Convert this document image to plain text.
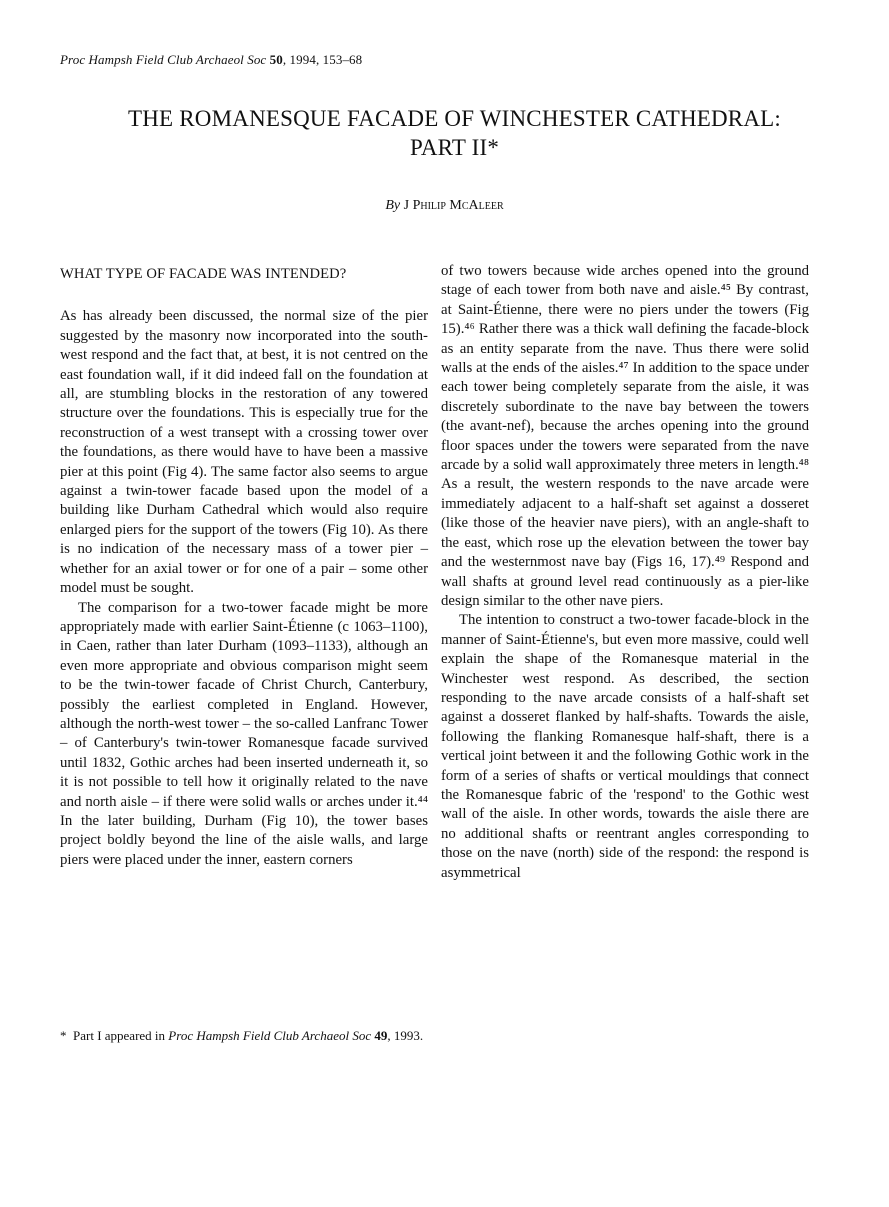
Proc Hampsh Field Club Archaeol Soc 50, 1994, 153–68
THE ROMANESQUE FACADE OF WINCHESTER CATHEDRAL:
PART II*
By J Philip McAleer
WHAT TYPE OF FACADE WAS INTENDED?

As has already been discussed, the normal size of the pier suggested by the masonry now incorporated into the south-west respond and the fact that, at best, it is not centred on the east foundation wall, if it did indeed fall on the foundation at all, are stumbling blocks in the restoration of any towered structure over the foundations. This is especially true for the reconstruction of a west transept with a crossing tower over the foundations, as there would have to have been a massive pier at this point (Fig 4). The same factor also seems to argue against a twin-tower facade based upon the model of a building like Durham Cathedral which would also require enlarged piers for the support of the towers (Fig 10). As there is no indication of the necessary mass of a tower pier – whether for an axial tower or for one of a pair – some other model must be sought.

The comparison for a two-tower facade might be more appropriately made with earlier Saint-Étienne (c 1063–1100), in Caen, rather than later Durham (1093–1133), although an even more appropriate and obvious comparison might seem to be the twin-tower facade of Christ Church, Canterbury, possibly the earliest completed in England. However, although the north-west tower – the so-called Lanfranc Tower – of Canterbury's twin-tower Romanesque facade survived until 1832, Gothic arches had been inserted underneath it, so it is not possible to tell how it originally related to the nave and north aisle – if there were solid walls or arches under it.⁴⁴ In the later building, Durham (Fig 10), the tower bases project boldly beyond the line of the aisle walls, and large piers were placed under the inner, eastern corners

of two towers because wide arches opened into the ground stage of each tower from both nave and aisle.⁴⁵ By contrast, at Saint-Étienne, there were no piers under the towers (Fig 15).⁴⁶ Rather there was a thick wall defining the facade-block as an entity separate from the nave. Thus there were solid walls at the ends of the aisles.⁴⁷ In addition to the space under each tower being completely separate from the aisle, it was discretely subordinate to the nave bay between the towers (the avant-nef), because the arches opening into the ground floor spaces under the towers were separated from the nave arcade by a solid wall approximately three meters in length.⁴⁸ As a result, the western responds to the nave arcade were immediately adjacent to a half-shaft set against a dosseret (like those of the heavier nave piers), with an angle-shaft to the east, which rose up the elevation between the tower bay and the westernmost nave bay (Figs 16, 17).⁴⁹ Respond and wall shafts at ground level read continuously as a pier-like design similar to the other nave piers.

The intention to construct a two-tower facade-block in the manner of Saint-Étienne's, but even more massive, could well explain the shape of the Romanesque material in the Winchester west respond. As described, the section responding to the nave arcade consists of a half-shaft set against a dosseret flanked by half-shafts. Towards the aisle, following the flanking Romanesque half-shaft, there is a vertical joint between it and the following Gothic work in the form of a series of shafts or vertical mouldings that connect the Romanesque fabric of the 'respond' to the Gothic west wall of the aisle. In other words, towards the aisle there are no additional shafts or reentrant angles corresponding to those on the nave (north) side of the respond: the respond is asymmetrical

* Part I appeared in Proc Hampsh Field Club Archaeol Soc 49, 1993.
